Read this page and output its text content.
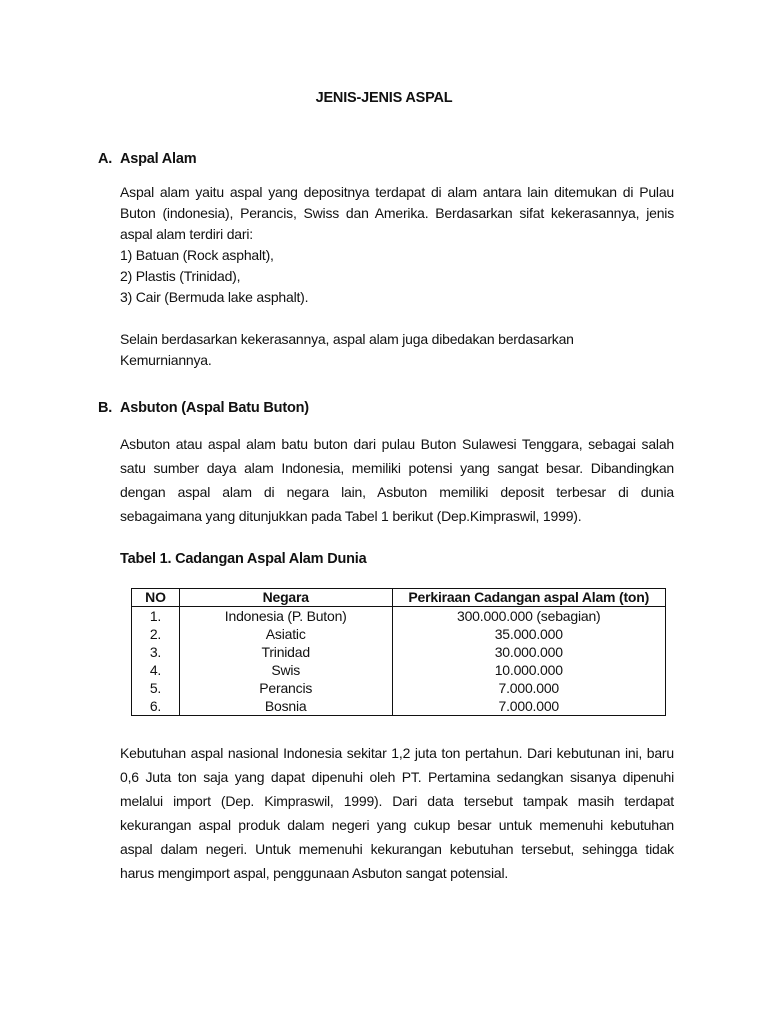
JENIS-JENIS ASPAL
A. Aspal Alam
Aspal alam yaitu aspal yang depositnya terdapat di alam antara lain ditemukan di Pulau
Buton (indonesia), Perancis, Swiss dan Amerika. Berdasarkan sifat kekerasannya, jenis
aspal alam terdiri dari:
1) Batuan (Rock asphalt),
2) Plastis (Trinidad),
3) Cair (Bermuda lake asphalt).
Selain berdasarkan kekerasannya, aspal alam juga dibedakan berdasarkan
Kemurniannya.
B. Asbuton (Aspal Batu Buton)
Asbuton atau aspal alam batu buton dari pulau Buton Sulawesi Tenggara, sebagai salah
satu sumber daya alam Indonesia, memiliki potensi yang sangat besar. Dibandingkan
dengan aspal alam di negara lain, Asbuton memiliki deposit terbesar di dunia
sebagaimana yang ditunjukkan pada Tabel 1 berikut (Dep.Kimpraswil, 1999).
Tabel 1. Cadangan Aspal Alam Dunia
NO	Negara	Perkiraan Cadangan aspal Alam (ton)
1.	Indonesia (P. Buton)	300.000.000 (sebagian)
2.	Asiatic	35.000.000
3.	Trinidad	30.000.000
4.	Swis	10.000.000
5.	Perancis	7.000.000
6.	Bosnia	7.000.000
Kebutuhan aspal nasional Indonesia sekitar 1,2 juta ton pertahun. Dari kebutunan ini, baru
0,6 Juta ton saja yang dapat dipenuhi oleh PT. Pertamina sedangkan sisanya dipenuhi
melalui import (Dep. Kimpraswil, 1999). Dari data tersebut tampak masih terdapat
kekurangan aspal produk dalam negeri yang cukup besar untuk memenuhi kebutuhan
aspal dalam negeri. Untuk memenuhi kekurangan kebutuhan tersebut, sehingga tidak
harus mengimport aspal, penggunaan Asbuton sangat potensial.
